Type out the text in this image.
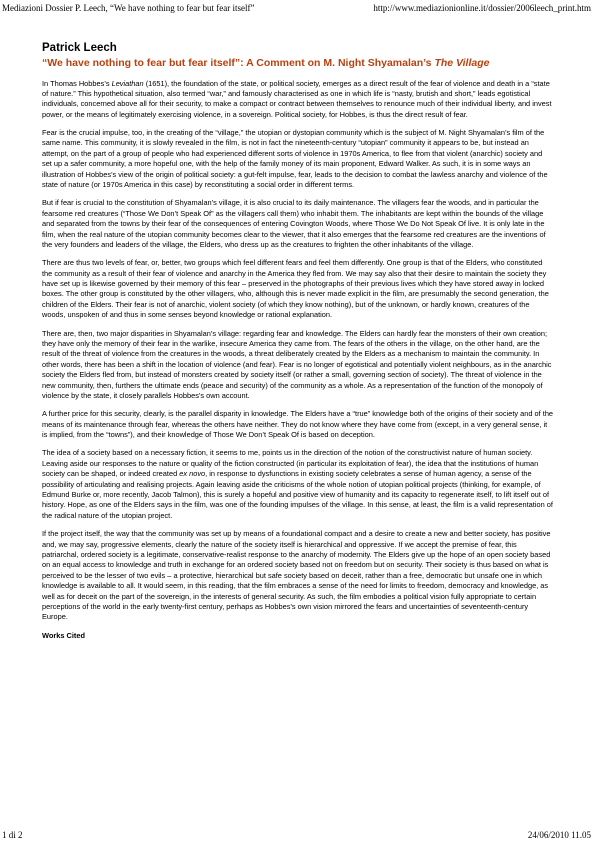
Mediazioni Dossier P. Leech, “We have nothing to fear but fear itself”	http://www.mediazionionline.it/dossier/2006leech_print.htm
Patrick Leech
“We have nothing to fear but fear itself”: A Comment on M. Night Shyamalan’s The Village

In Thomas Hobbes’s Leviathan (1651), the foundation of the state, or political society, emerges as a direct result of the fear of violence and death in a “state of nature.” This hypothetical situation, also termed “war,” and famously characterised as one in which life is “nasty, brutish and short,” leads egotistical individuals, concerned above all for their security, to make a compact or contract between themselves to renounce much of their individual liberty, and invest power, or the means of legitimately exercising violence, in a sovereign. Political society, for Hobbes, is thus the direct result of fear.

Fear is the crucial impulse, too, in the creating of the “village,” the utopian or dystopian community which is the subject of M. Night Shyamalan’s film of the same name. This community, it is slowly revealed in the film, is not in fact the nineteenth-century “utopian” community it appears to be, but instead an attempt, on the part of a group of people who had experienced different sorts of violence in 1970s America, to flee from that violent (anarchic) society and set up a safer community, a more hopeful one, with the help of the family money of its main proponent, Edward Walker. As such, it is in some ways an illustration of Hobbes’s view of the origin of political society: a gut-felt impulse, fear, leads to the decision to combat the lawless anarchy and violence of the state of nature (or 1970s America in this case) by reconstituting a social order in different terms.

But if fear is crucial to the constitution of Shyamalan’s village, it is also crucial to its daily maintenance. The villagers fear the woods, and in particular the fearsome red creatures (“Those We Don’t Speak Of” as the villagers call them) who inhabit them. The inhabitants are kept within the bounds of the village and separated from the towns by their fear of the consequences of entering Covington Woods, where Those We Do Not Speak Of live. It is only late in the film, when the real nature of the utopian community becomes clear to the viewer, that it also emerges that the fearsome red creatures are the inventions of the very founders and leaders of the village, the Elders, who dress up as the creatures to frighten the other inhabitants of the village.

There are thus two levels of fear, or, better, two groups which feel different fears and feel them differently. One group is that of the Elders, who constituted the community as a result of their fear of violence and anarchy in the America they fled from. We may say also that their desire to maintain the society they have set up is likewise governed by their memory of this fear – preserved in the photographs of their previous lives which they have stored away in locked boxes. The other group is constituted by the other villagers, who, although this is never made explicit in the film, are presumably the second generation, the children of the Elders. Their fear is not of anarchic, violent society (of which they know nothing), but of the unknown, or hardly known, creatures of the woods, unspoken of and thus in some senses beyond knowledge or rational explanation.

There are, then, two major disparities in Shyamalan’s village: regarding fear and knowledge. The Elders can hardly fear the monsters of their own creation; they have only the memory of their fear in the warlike, insecure America they came from. The fears of the others in the village, on the other hand, are the result of the threat of violence from the creatures in the woods, a threat deliberately created by the Elders as a mechanism to maintain the community. In other words, there has been a shift in the location of violence (and fear). Fear is no longer of egotistical and potentially violent neighbours, as in the anarchic society the Elders fled from, but instead of monsters created by society itself (or rather a small, governing section of society). The threat of violence in the new community, then, furthers the ultimate ends (peace and security) of the community as a whole. As a representation of the function of the monopoly of violence by the state, it closely parallels Hobbes’s own account.

A further price for this security, clearly, is the parallel disparity in knowledge. The Elders have a “true” knowledge both of the origins of their society and of the means of its maintenance through fear, whereas the others have neither. They do not know where they have come from (except, in a very general sense, it is implied, from the “towns”), and their knowledge of Those We Don’t Speak Of is based on deception.

The idea of a society based on a necessary fiction, it seems to me, points us in the direction of the notion of the constructivist nature of human society. Leaving aside our responses to the nature or quality of the fiction constructed (in particular its exploitation of fear), the idea that the institutions of human society can be shaped, or indeed created ex novo, in response to dysfunctions in existing society celebrates a sense of human agency, a sense of the possibility of articulating and realising projects. Again leaving aside the criticisms of the whole notion of utopian political projects (thinking, for example, of Edmund Burke or, more recently, Jacob Talmon), this is surely a hopeful and positive view of humanity and its capacity to regenerate itself, to lift itself out of history. Hope, as one of the Elders says in the film, was one of the founding impulses of the village. In this sense, at least, the film is a valid representation of the radical nature of the utopian project.

If the project itself, the way that the community was set up by means of a foundational compact and a desire to create a new and better society, has positive and, we may say, progressive elements, clearly the nature of the society itself is hierarchical and oppressive. If we accept the premise of fear, this patriarchal, ordered society is a legitimate, conservative-realist response to the anarchy of modernity. The Elders give up the hope of an open society based on an equal access to knowledge and truth in exchange for an ordered society based not on freedom but on security. Their society is thus based on what is perceived to be the lesser of two evils – a protective, hierarchical but safe society based on deceit, rather than a free, democratic but unsafe one in which knowledge is available to all. It would seem, in this reading, that the film embraces a sense of the need for limits to freedom, democracy and knowledge, as well as for deceit on the part of the sovereign, in the interests of general security. As such, the film embodies a political vision fully appropriate to certain perceptions of the world in the early twenty-first century, perhaps as Hobbes’s own vision mirrored the fears and uncertainties of seventeenth-century Europe.

Works Cited
1 di 2	24/06/2010 11.05
